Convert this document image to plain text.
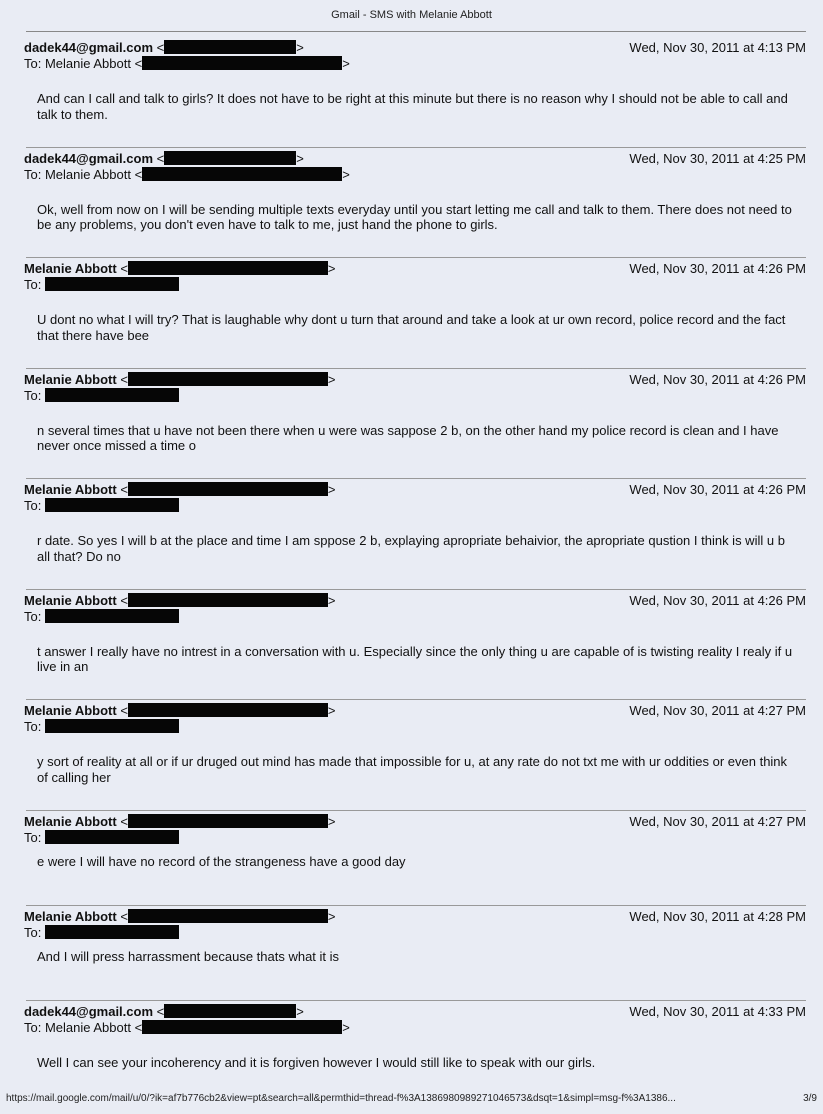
Gmail - SMS with Melanie Abbott
dadek44@gmail.com <	>
To: Melanie Abbott <	>
Wed, Nov 30, 2011 at 4:13 PM
And can I call and talk to girls? It does not have to be right at this minute but there is no reason why I should not be able to call and talk to them.
dadek44@gmail.com <	>
To: Melanie Abbott <	>
Wed, Nov 30, 2011 at 4:25 PM
Ok, well from now on I will be sending multiple texts everyday until you start letting me call and talk to them. There does not need to be any problems, you don't even have to talk to me, just hand the phone to girls.
Melanie Abbott <	>
To:
Wed, Nov 30, 2011 at 4:26 PM
U dont no what I will try? That is laughable why dont u turn that around and take a look at ur own record, police record and the fact that there have bee
Melanie Abbott <	>
To:
Wed, Nov 30, 2011 at 4:26 PM
n several times that u have not been there when u were was sappose 2 b, on the other hand my police record is clean and I have never once missed a time o
Melanie Abbott <	>
To:
Wed, Nov 30, 2011 at 4:26 PM
r date. So yes I will b at the place and time I am sppose 2 b, explaying apropriate behaivior, the apropriate qustion I think is will u b all that? Do no
Melanie Abbott <	>
To:
Wed, Nov 30, 2011 at 4:26 PM
t answer I really have no intrest in a conversation with u. Especially since the only thing u are capable of is twisting reality I realy if u live in an
Melanie Abbott <	>
To:
Wed, Nov 30, 2011 at 4:27 PM
y sort of reality at all or if ur druged out mind has made that impossible for u, at any rate do not txt me with ur oddities or even think of calling her
Melanie Abbott <	>
To:
Wed, Nov 30, 2011 at 4:27 PM
e were I will have no record of the strangeness have a good day
Melanie Abbott <	>
To:
Wed, Nov 30, 2011 at 4:28 PM
And I will press harrassment because thats what it is
dadek44@gmail.com <	>
To: Melanie Abbott <	>
Wed, Nov 30, 2011 at 4:33 PM
Well I can see your incoherency and it is forgiven however I would still like to speak with our girls.
https://mail.google.com/mail/u/0/?ik=af7b776cb2&view=pt&search=all&permthid=thread-f%3A1386980989271046573&dsqt=1&simpl=msg-f%3A1386...	3/9
